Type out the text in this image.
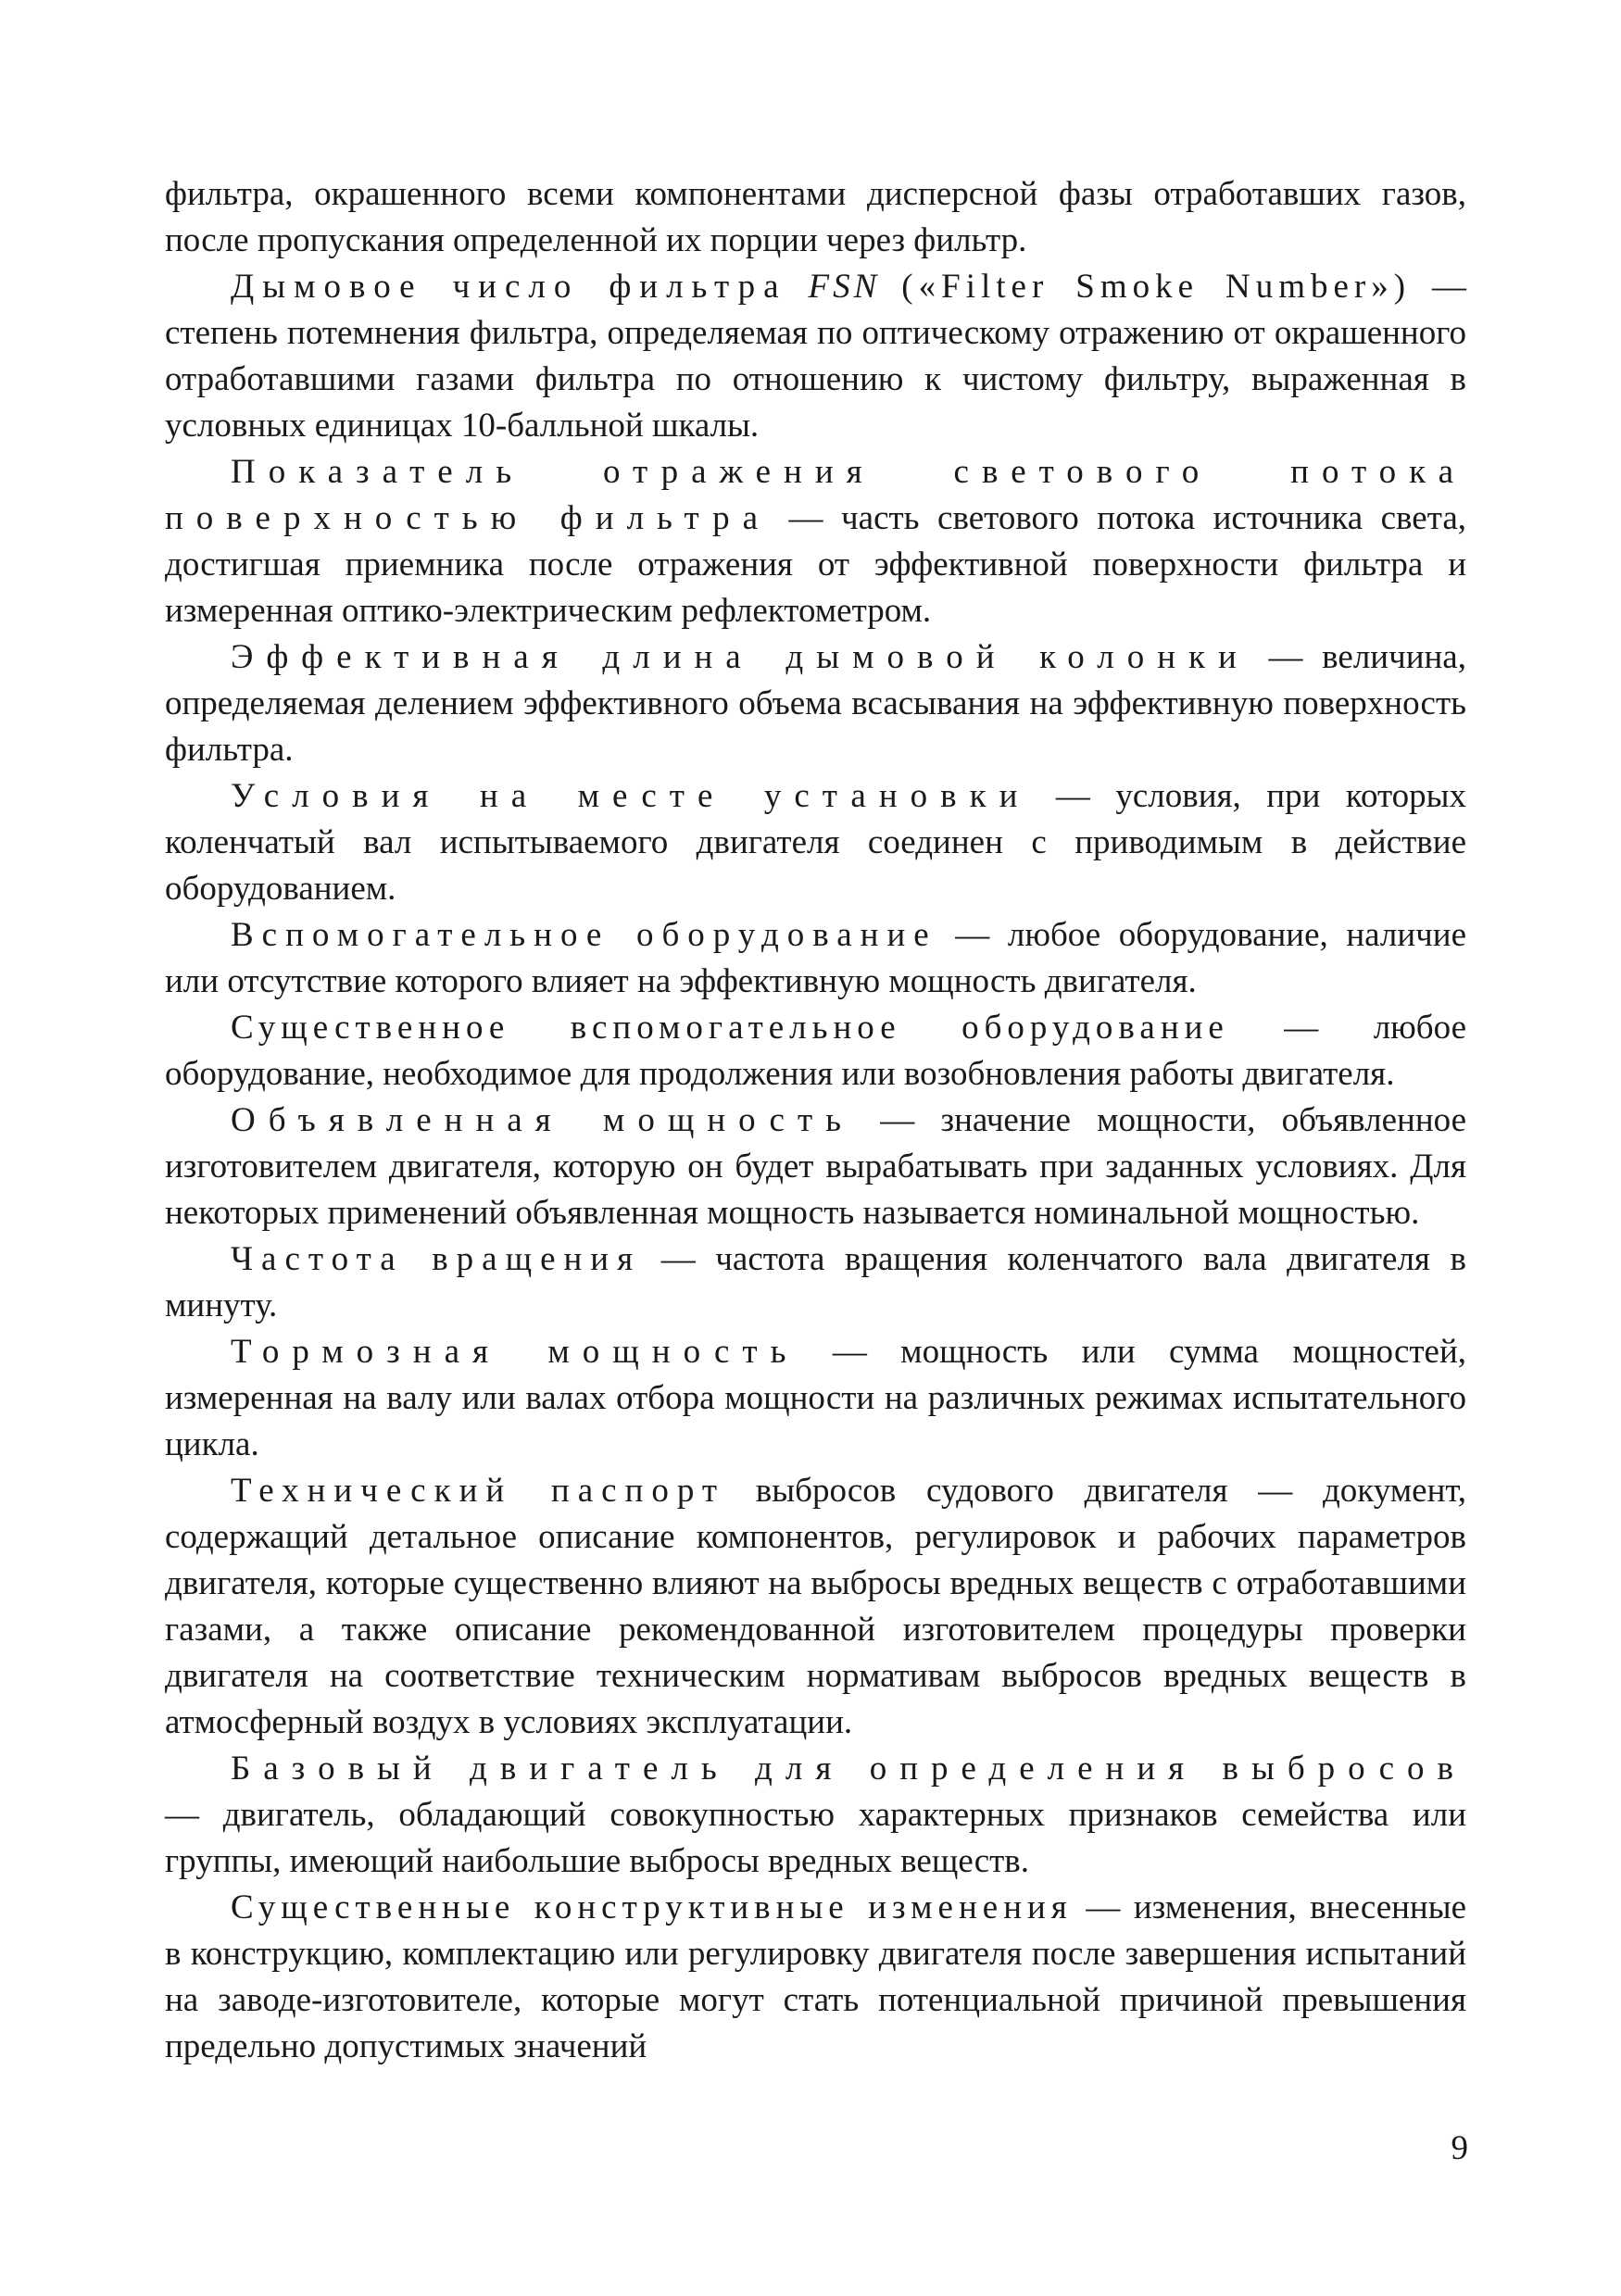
фильтра, окрашенного всеми компонентами дисперсной фазы отработавших газов, после пропускания определенной их порции через фильтр.

Дымовое число фильтра FSN («Filter Smoke Number») — степень потемнения фильтра, определяемая по оптическому отражению от окрашенного отработавшими газами фильтра по отношению к чистому фильтру, выраженная в условных единицах 10-балльной шкалы.

Показатель отражения светового потока поверхностью фильтра — часть светового потока источника света, достигшая приемника после отражения от эффективной поверхности фильтра и измеренная оптико-электрическим рефлектометром.

Эффективная длина дымовой колонки — величина, определяемая делением эффективного объема всасывания на эффективную поверхность фильтра.

Условия на месте установки — условия, при которых коленчатый вал испытываемого двигателя соединен с приводимым в действие оборудованием.

Вспомогательное оборудование — любое оборудование, наличие или отсутствие которого влияет на эффективную мощность двигателя.

Существенное вспомогательное оборудование — любое оборудование, необходимое для продолжения или возобновления работы двигателя.

Объявленная мощность — значение мощности, объявленное изготовителем двигателя, которую он будет вырабатывать при заданных условиях. Для некоторых применений объявленная мощность называется номинальной мощностью.

Частота вращения — частота вращения коленчатого вала двигателя в минуту.

Тормозная мощность — мощность или сумма мощностей, измеренная на валу или валах отбора мощности на различных режимах испытательного цикла.

Технический паспорт выбросов судового двигателя — документ, содержащий детальное описание компонентов, регулировок и рабочих параметров двигателя, которые существенно влияют на выбросы вредных веществ с отработавшими газами, а также описание рекомендованной изготовителем процедуры проверки двигателя на соответствие техническим нормативам выбросов вредных веществ в атмосферный воздух в условиях эксплуатации.

Базовый двигатель для определения выбросов — двигатель, обладающий совокупностью характерных признаков семейства или группы, имеющий наибольшие выбросы вредных веществ.

Существенные конструктивные изменения — изменения, внесенные в конструкцию, комплектацию или регулировку двигателя после завершения испытаний на заводе-изготовителе, которые могут стать потенциальной причиной превышения предельно допустимых значений

9
